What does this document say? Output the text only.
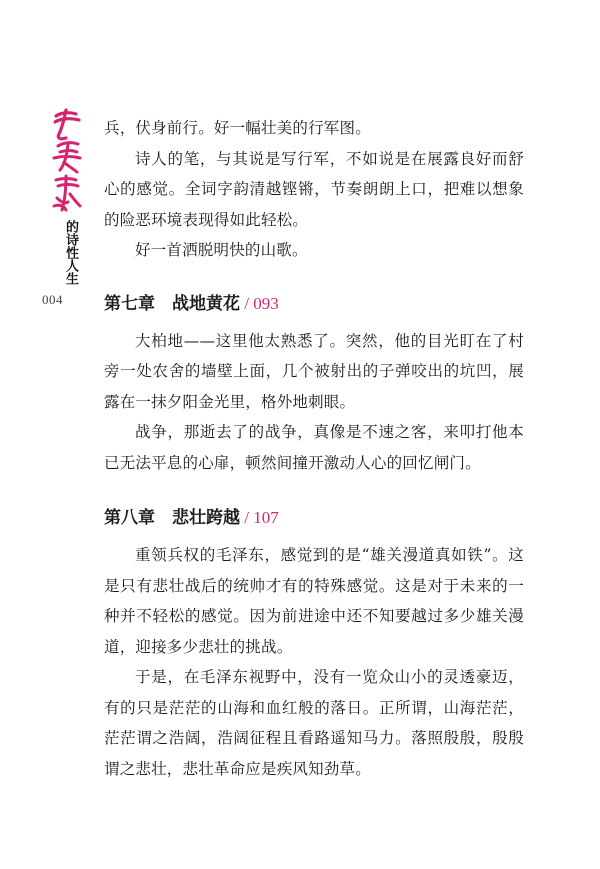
的诗性人生
004

兵，伏身前行。好一幅壮美的行军图。

诗人的笔，与其说是写行军，不如说是在展露良好而舒心的感觉。全词字韵清越铿锵，节奏朗朗上口，把难以想象的险恶环境表现得如此轻松。

好一首洒脱明快的山歌。

第七章　战地黄花 / 093

大柏地——这里他太熟悉了。突然，他的目光盯在了村旁一处农舍的墙壁上面，几个被射出的子弹咬出的坑凹，展露在一抹夕阳金光里，格外地刺眼。

战争，那逝去了的战争，真像是不速之客，来叩打他本已无法平息的心扉，顿然间撞开激动人心的回忆闸门。

第八章　悲壮跨越 / 107

重领兵权的毛泽东，感觉到的是“雄关漫道真如铁”。这是只有悲壮战后的统帅才有的特殊感觉。这是对于未来的一种并不轻松的感觉。因为前进途中还不知要越过多少雄关漫道，迎接多少悲壮的挑战。

于是，在毛泽东视野中，没有一览众山小的灵透豪迈，有的只是茫茫的山海和血红般的落日。正所谓，山海茫茫，茫茫谓之浩阔，浩阔征程且看路遥知马力。落照殷殷，殷殷谓之悲壮，悲壮革命应是疾风知劲草。
